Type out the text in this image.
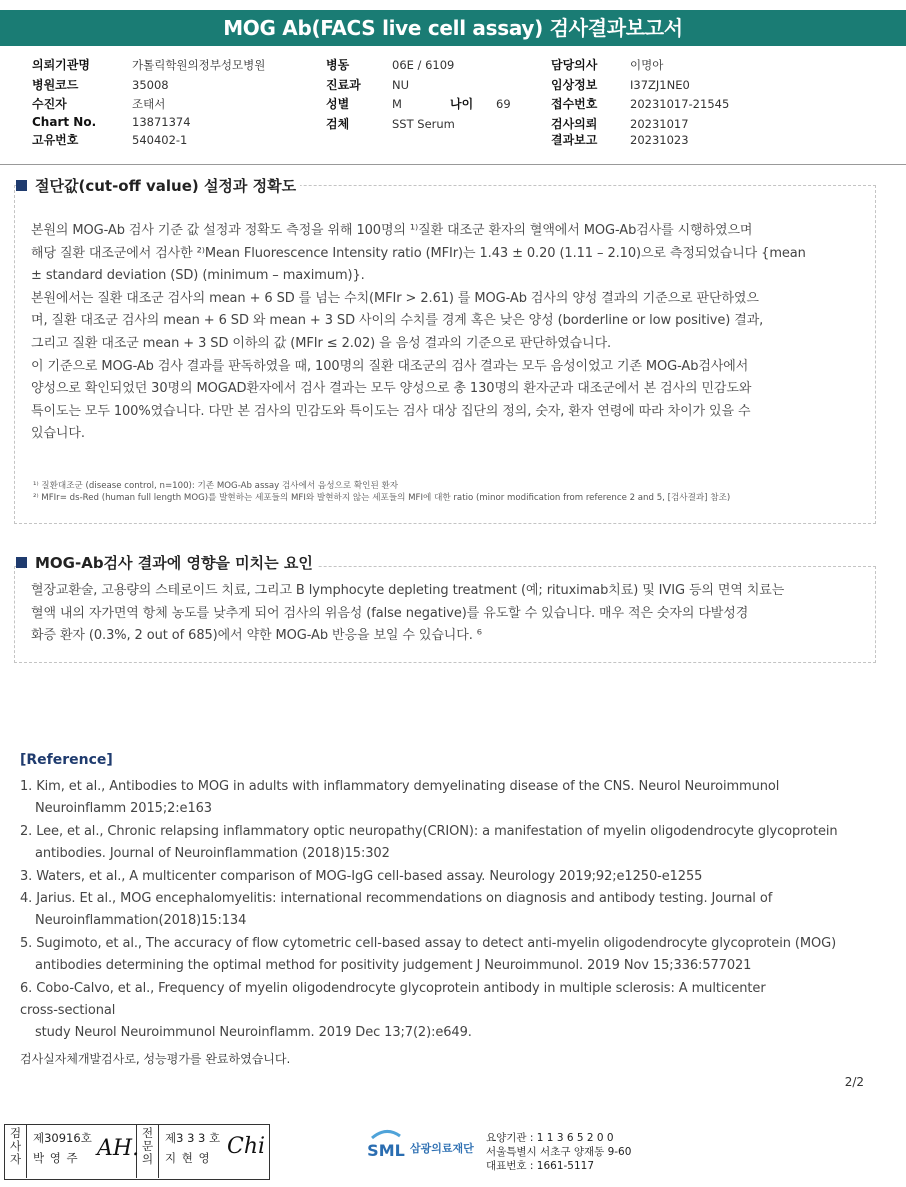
MOG Ab(FACS live cell assay) 검사결과보고서
의뢰기관명	가톨릭학원의정부성모병원
병원코드	35008
수진자	조태서
Chart No.	13871374
고유번호	540402-1
병동	06E / 6109
진료과	NU
성별	M	나이 69
검체	SST Serum
담당의사	이명아
임상정보	I37ZJ1NE0
접수번호	20231017-21545
검사의뢰	20231017
결과보고	20231023
본원의 MOG-Ab 검사 기준 값 설정과 정확도 측정을 위해 100명의 ¹⁾질환 대조군 환자의 혈액에서 MOG-Ab검사를 시행하였으며
해당 질환 대조군에서 검사한 ²⁾Mean Fluorescence Intensity ratio (MFIr)는 1.43 ± 0.20 (1.11 – 2.10)으로 측정되었습니다 {mean
± standard deviation (SD) (minimum – maximum)}.
본원에서는 질환 대조군 검사의 mean + 6 SD 를 넘는 수치(MFIr > 2.61) 를 MOG-Ab 검사의 양성 결과의 기준으로 판단하였으
며, 질환 대조군 검사의 mean + 6 SD 와 mean + 3 SD 사이의 수치를 경계 혹은 낮은 양성 (borderline or low positive) 결과,
그리고 질환 대조군 mean + 3 SD 이하의 값 (MFIr ≤ 2.02) 을 음성 결과의 기준으로 판단하였습니다.
이 기준으로 MOG-Ab 검사 결과를 판독하였을 때, 100명의 질환 대조군의 검사 결과는 모두 음성이었고 기존 MOG-Ab검사에서
양성으로 확인되었던 30명의 MOGAD환자에서 검사 결과는 모두 양성으로 총 130명의 환자군과 대조군에서 본 검사의 민감도와
특이도는 모두 100%였습니다. 다만 본 검사의 민감도와 특이도는 검사 대상 집단의 정의, 숫자, 환자 연령에 따라 차이가 있을 수
있습니다.
¹⁾ 질환대조군 (disease control, n=100): 기존 MOG-Ab assay 검사에서 음성으로 확인된 환자
²⁾ MFIr= ds-Red (human full length MOG)를 발현하는 세포들의 MFI와 발현하지 않는 세포들의 MFI에 대한 ratio (minor modification from reference 2 and 5, [검사결과] 참조)
절단값(cut-off value) 설정과 정확도
혈장교환술, 고용량의 스테로이드 치료, 그리고 B lymphocyte depleting treatment (예; rituximab치료) 및 IVIG 등의 면역 치료는
혈액 내의 자가면역 항체 농도를 낮추게 되어 검사의 위음성 (false negative)를 유도할 수 있습니다. 매우 적은 숫자의 다발성경
화증 환자 (0.3%, 2 out of 685)에서 약한 MOG-Ab 반응을 보일 수 있습니다. ⁶
MOG-Ab검사 결과에 영향을 미치는 요인
[Reference]
1. Kim, et al., Antibodies to MOG in adults with inflammatory demyelinating disease of the CNS. Neurol Neuroimmunol
Neuroinflamm 2015;2:e163
2. Lee, et al., Chronic relapsing inflammatory optic neuropathy(CRION): a manifestation of myelin oligodendrocyte glycoprotein
antibodies. Journal of Neuroinflammation (2018)15:302
3. Waters, et al., A multicenter comparison of MOG-IgG cell-based assay. Neurology 2019;92;e1250-e1255
4. Jarius. Et al., MOG encephalomyelitis: international recommendations on diagnosis and antibody testing. Journal of
Neuroinflammation(2018)15:134
5. Sugimoto, et al., The accuracy of flow cytometric cell-based assay to detect anti-myelin oligodendrocyte glycoprotein (MOG)
antibodies determining the optimal method for positivity judgement J Neuroimmunol. 2019 Nov 15;336:577021
6. Cobo-Calvo, et al., Frequency of myelin oligodendrocyte glycoprotein antibody in multiple sclerosis: A multicenter
cross-sectional
study Neurol Neuroimmunol Neuroinflamm. 2019 Dec 13;7(2):e649.
검사실자체개발검사로, 성능평가를 완료하였습니다.
2/2
검사자
제30916호
박 영 주 AH.
전문의
제3 3 3 호
지 현 영 Chi	SML 삼광의료재단
요양기관 : 1 1 3 6 5 2 0 0
서울특별시 서초구 양재동 9-60
대표번호 : 1661-5117
